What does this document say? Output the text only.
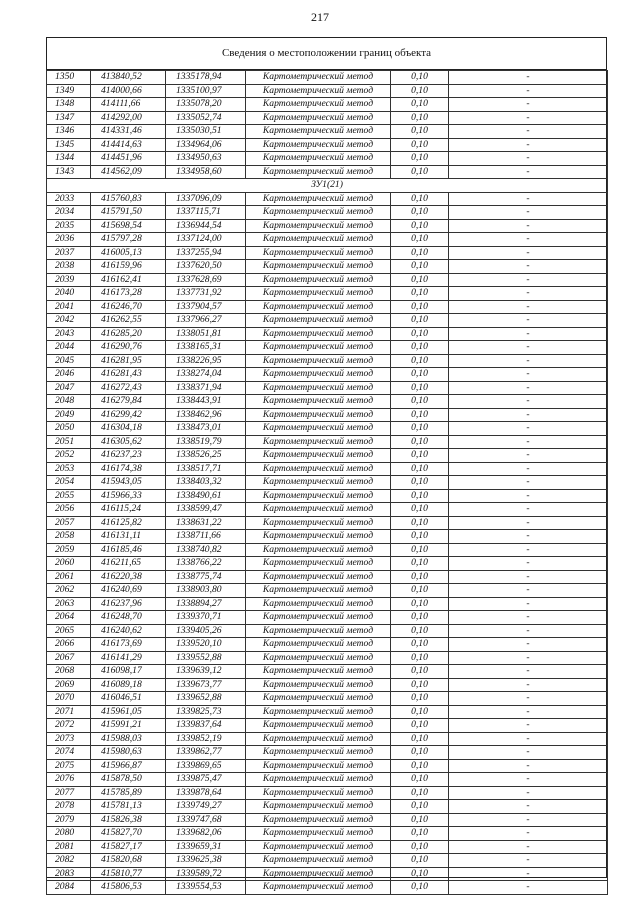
217
Сведения о местоположении границ объекта
1350	413840,52	1335178,94	Картометрический метод	0,10	-
1349	414000,66	1335100,97	Картометрический метод	0,10	-
1348	414111,66	1335078,20	Картометрический метод	0,10	-
1347	414292,00	1335052,74	Картометрический метод	0,10	-
1346	414331,46	1335030,51	Картометрический метод	0,10	-
1345	414414,63	1334964,06	Картометрический метод	0,10	-
1344	414451,96	1334950,63	Картометрический метод	0,10	-
1343	414562,09	1334958,60	Картометрический метод	0,10	-
ЗУ1(21)					
2033	415760,83	1337096,09	Картометрический метод	0,10	-
2034	415791,50	1337115,71	Картометрический метод	0,10	-
2035	415698,54	1336944,54	Картометрический метод	0,10	-
2036	415797,28	1337124,00	Картометрический метод	0,10	-
2037	416005,13	1337255,94	Картометрический метод	0,10	-
2038	416159,96	1337620,50	Картометрический метод	0,10	-
2039	416162,41	1337628,69	Картометрический метод	0,10	-
2040	416173,28	1337731,92	Картометрический метод	0,10	-
2041	416246,70	1337904,57	Картометрический метод	0,10	-
2042	416262,55	1337966,27	Картометрический метод	0,10	-
2043	416285,20	1338051,81	Картометрический метод	0,10	-
2044	416290,76	1338165,31	Картометрический метод	0,10	-
2045	416281,95	1338226,95	Картометрический метод	0,10	-
2046	416281,43	1338274,04	Картометрический метод	0,10	-
2047	416272,43	1338371,94	Картометрический метод	0,10	-
2048	416279,84	1338443,91	Картометрический метод	0,10	-
2049	416299,42	1338462,96	Картометрический метод	0,10	-
2050	416304,18	1338473,01	Картометрический метод	0,10	-
2051	416305,62	1338519,79	Картометрический метод	0,10	-
2052	416237,23	1338526,25	Картометрический метод	0,10	-
2053	416174,38	1338517,71	Картометрический метод	0,10	-
2054	415943,05	1338403,32	Картометрический метод	0,10	-
2055	415966,33	1338490,61	Картометрический метод	0,10	-
2056	416115,24	1338599,47	Картометрический метод	0,10	-
2057	416125,82	1338631,22	Картометрический метод	0,10	-
2058	416131,11	1338711,66	Картометрический метод	0,10	-
2059	416185,46	1338740,82	Картометрический метод	0,10	-
2060	416211,65	1338766,22	Картометрический метод	0,10	-
2061	416220,38	1338775,74	Картометрический метод	0,10	-
2062	416240,69	1338903,80	Картометрический метод	0,10	-
2063	416237,96	1338894,27	Картометрический метод	0,10	-
2064	416248,70	1339370,71	Картометрический метод	0,10	-
2065	416240,62	1339405,26	Картометрический метод	0,10	-
2066	416173,69	1339520,10	Картометрический метод	0,10	-
2067	416141,29	1339552,88	Картометрический метод	0,10	-
2068	416098,17	1339639,12	Картометрический метод	0,10	-
2069	416089,18	1339673,77	Картометрический метод	0,10	-
2070	416046,51	1339652,88	Картометрический метод	0,10	-
2071	415961,05	1339825,73	Картометрический метод	0,10	-
2072	415991,21	1339837,64	Картометрический метод	0,10	-
2073	415988,03	1339852,19	Картометрический метод	0,10	-
2074	415980,63	1339862,77	Картометрический метод	0,10	-
2075	415966,87	1339869,65	Картометрический метод	0,10	-
2076	415878,50	1339875,47	Картометрический метод	0,10	-
2077	415785,89	1339878,64	Картометрический метод	0,10	-
2078	415781,13	1339749,27	Картометрический метод	0,10	-
2079	415826,38	1339747,68	Картометрический метод	0,10	-
2080	415827,70	1339682,06	Картометрический метод	0,10	-
2081	415827,17	1339659,31	Картометрический метод	0,10	-
2082	415820,68	1339625,38	Картометрический метод	0,10	-
2083	415810,77	1339589,72	Картометрический метод	0,10	-
2084	415806,53	1339554,53	Картометрический метод	0,10	-
